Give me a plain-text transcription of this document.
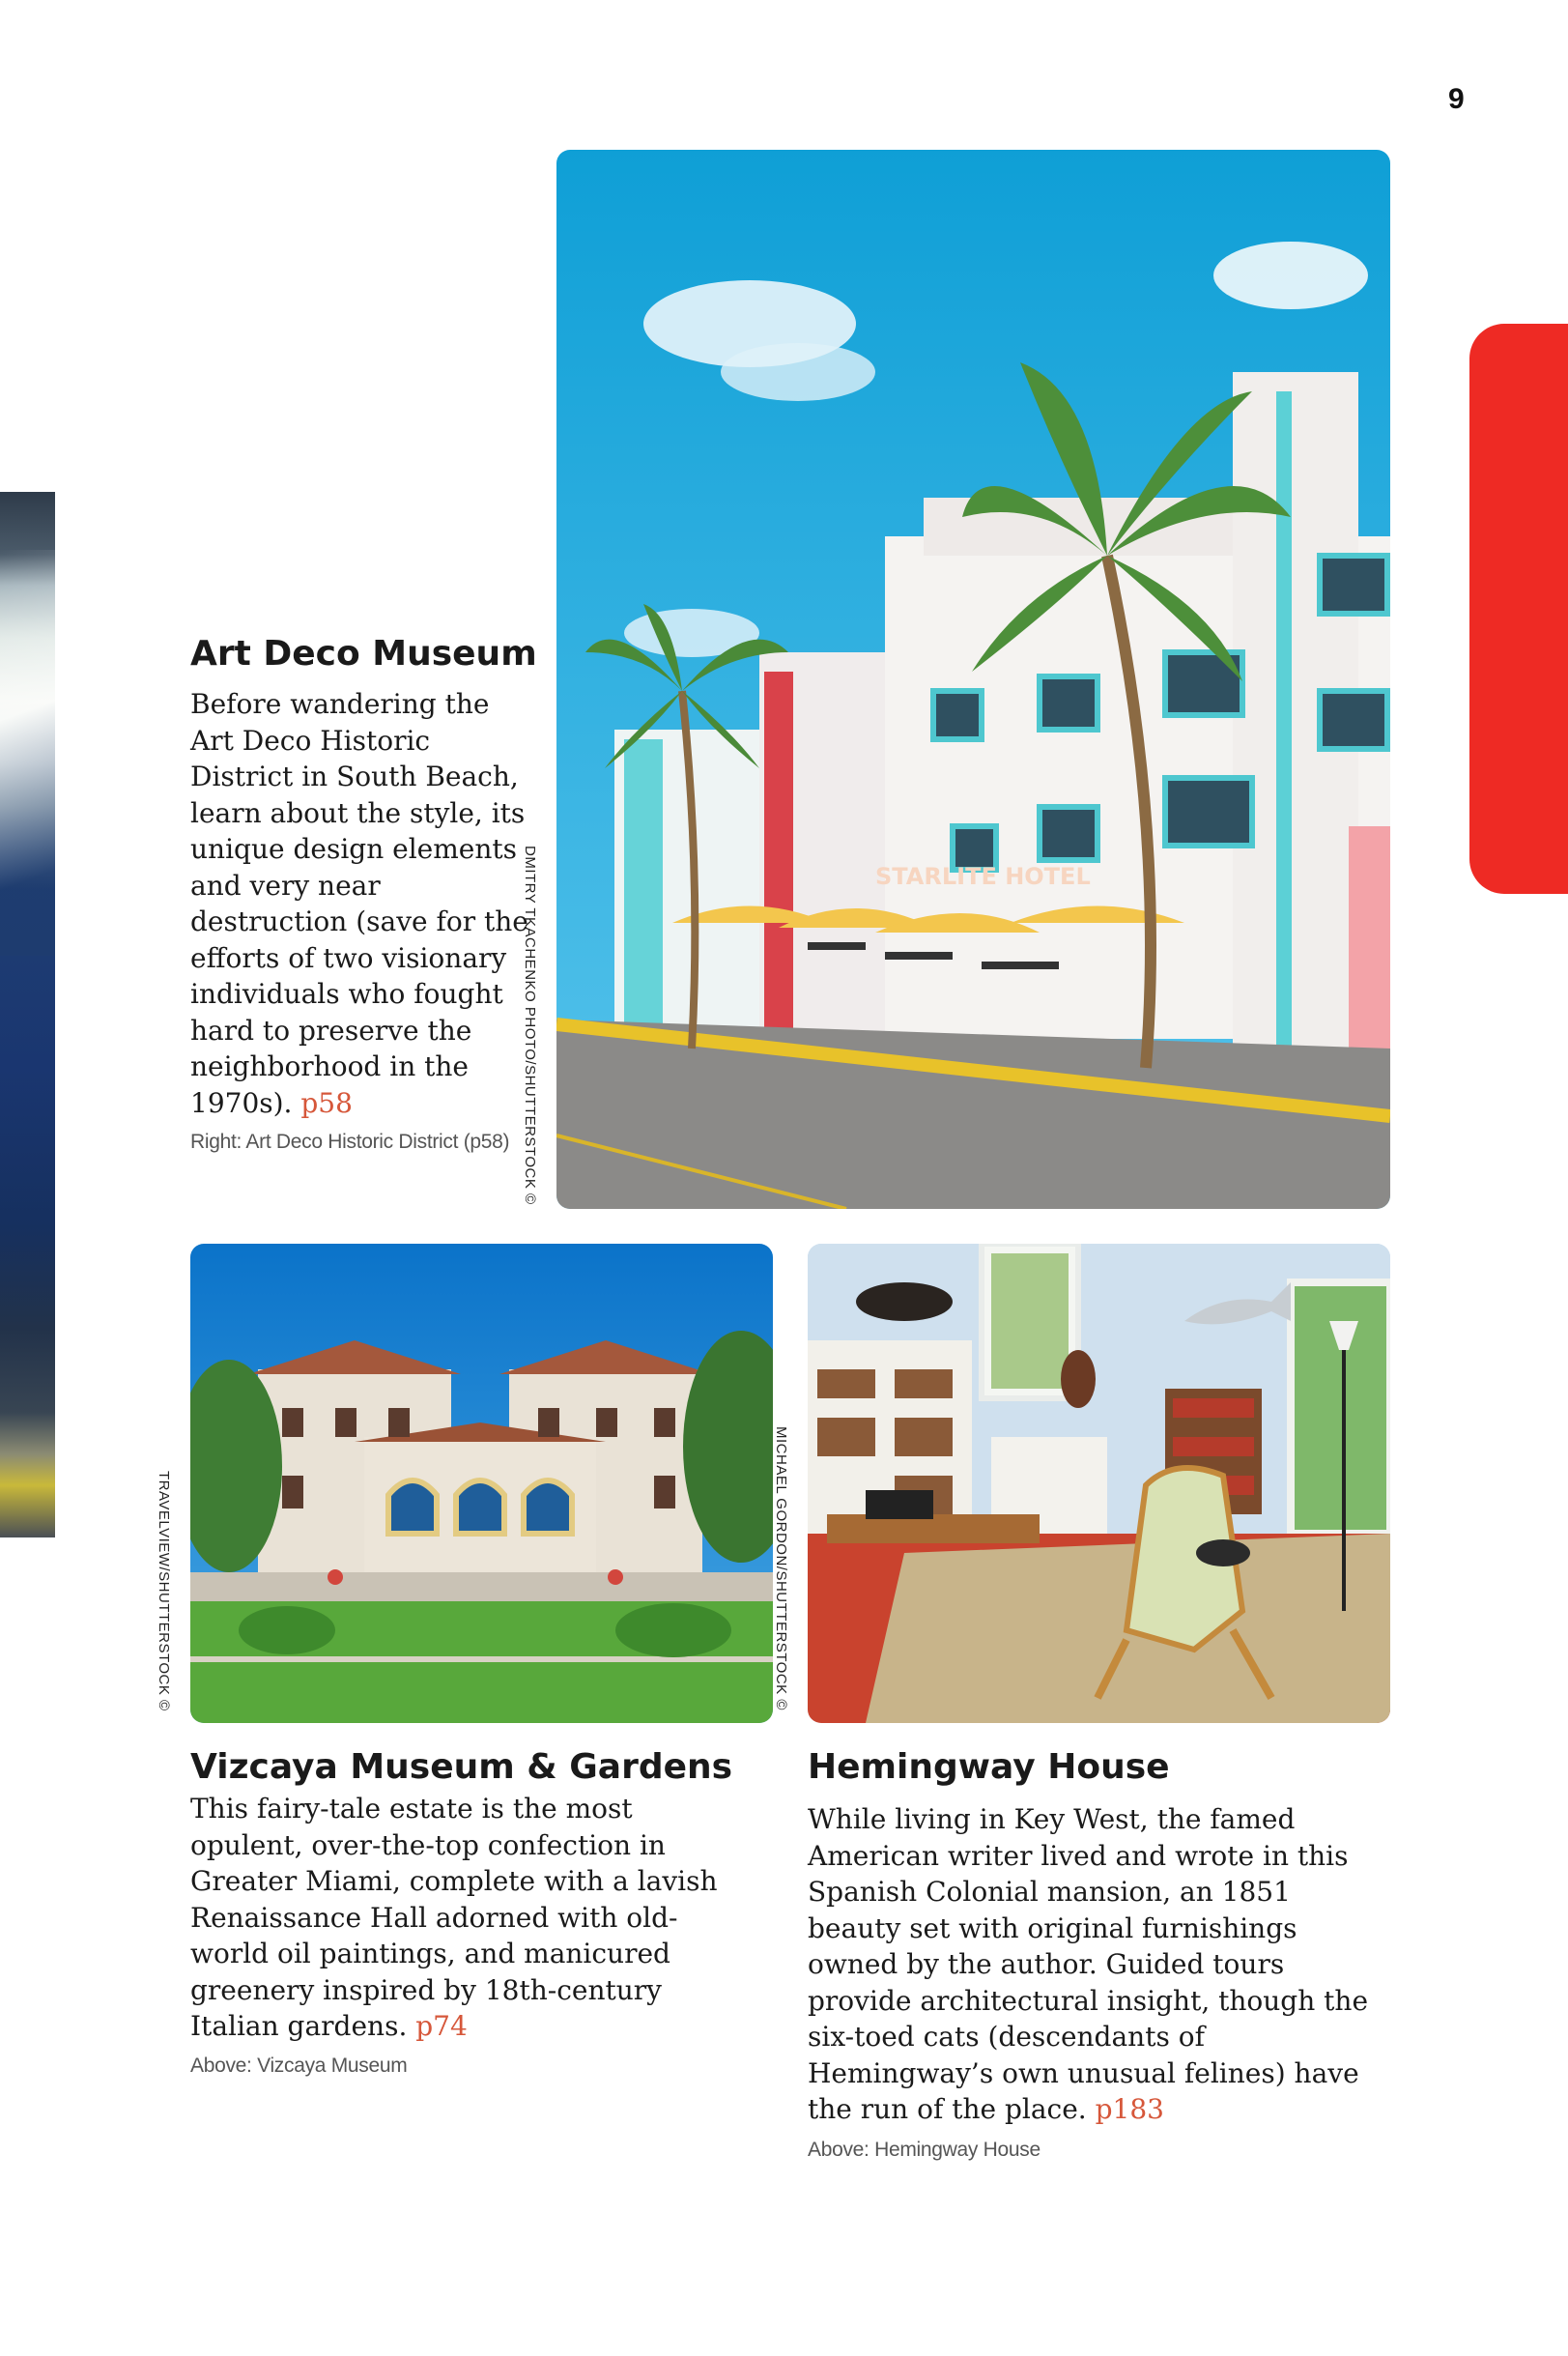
9
STARLITE HOTEL
DMITRY TKACHENKO PHOTO/SHUTTERSTOCK ©
Art Deco Museum

Before wandering the Art Deco Historic District in South Beach, learn about the style, its unique design elements and very near destruction (save for the efforts of two visionary individuals who fought hard to preserve the neighborhood in the 1970s). p58

Right: Art Deco Historic District (p58)

TRAVELVIEW/SHUTTERSTOCK ©	MICHAEL GORDON/SHUTTERSTOCK ©
Vizcaya Museum & Gardens

This fairy-tale estate is the most opulent, over-the-top confection in Greater Miami, complete with a lavish Renaissance Hall adorned with old-world oil paintings, and manicured greenery inspired by 18th-century Italian gardens. p74

Above: Vizcaya Museum

Hemingway House

While living in Key West, the famed American writer lived and wrote in this Spanish Colonial mansion, an 1851 beauty set with original furnishings owned by the author. Guided tours provide architectural insight, though the six-toed cats (descendants of Hemingway’s own unusual felines) have the run of the place. p183

Above: Hemingway House
